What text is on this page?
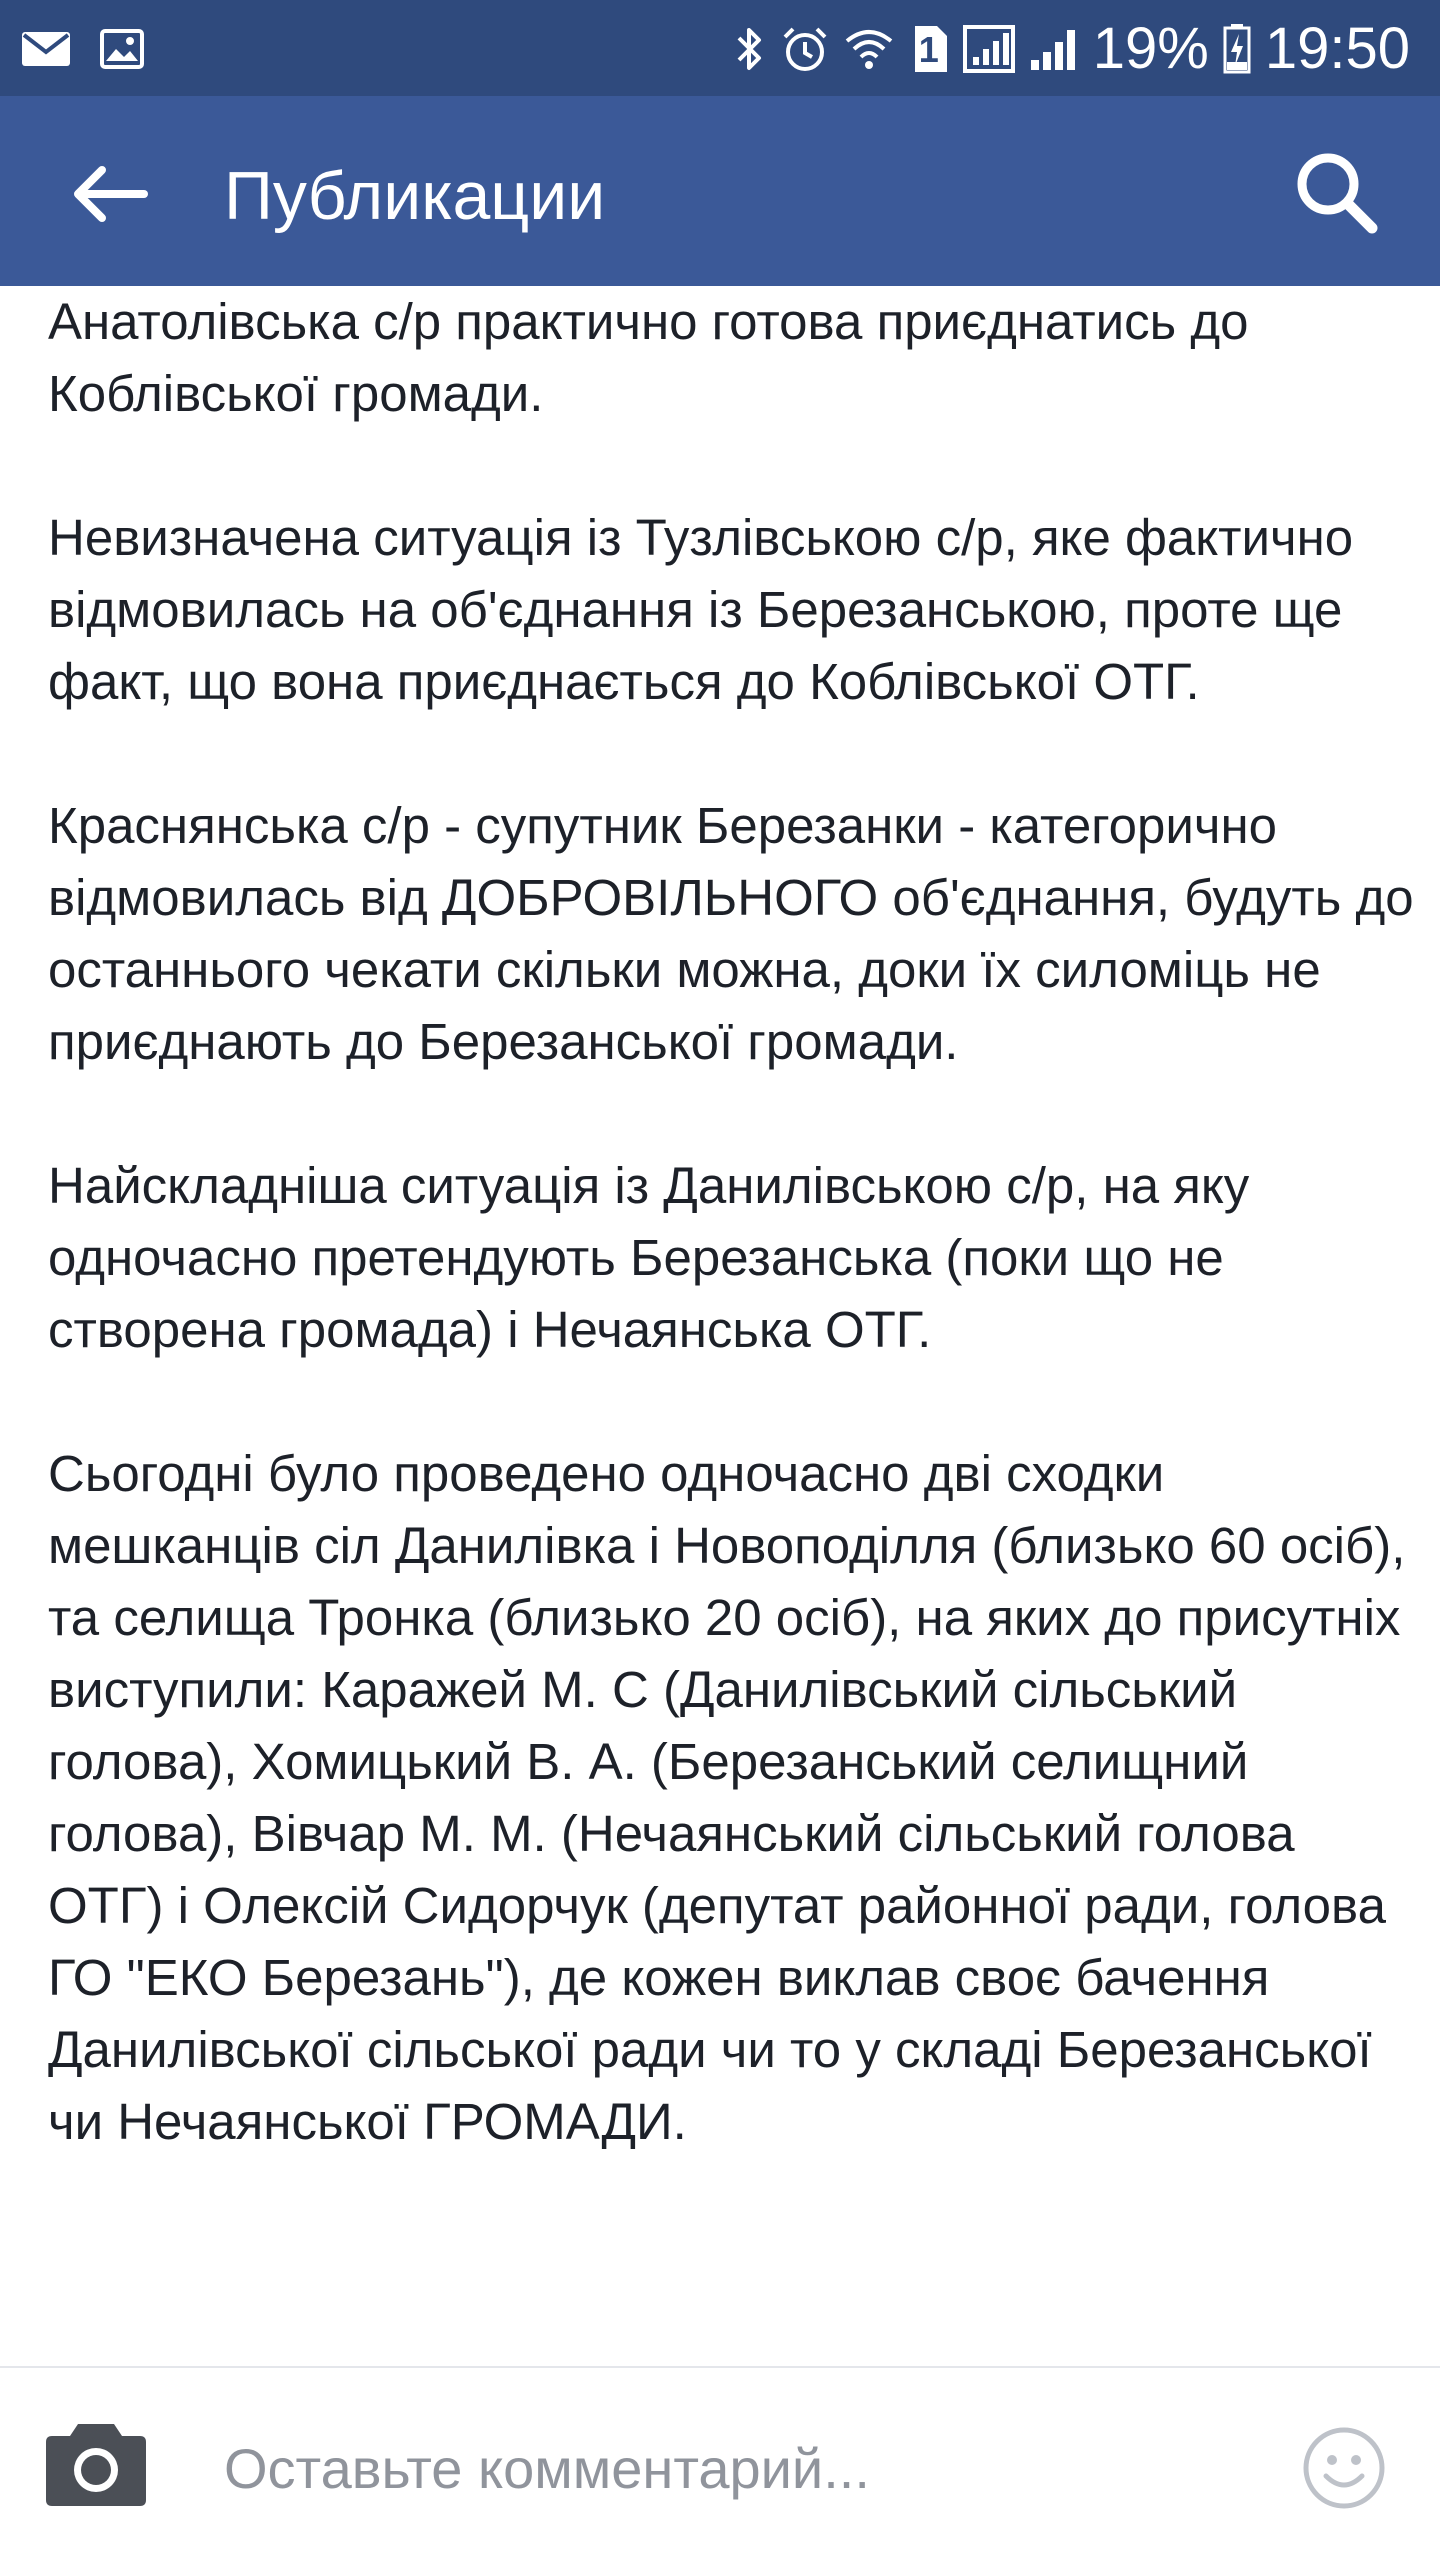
1	19% 19:50
Публикации

Анатолівська с/р практично готова приєднатись до Коблівської громади.

Невизначена ситуація із Тузлівською с/р, яке фактично відмовилась на об'єднання із Березанською, проте ще факт, що вона приєднається до Коблівської ОТГ.

Краснянська с/р - супутник Березанки - категорично відмовилась від ДОБРОВІЛЬНОГО об'єднання, будуть до останнього чекати скільки можна, доки їх силоміць не приєднають до Березанської громади.

Найскладніша ситуація із Данилівською с/р, на яку одночасно претендують Березанська (поки що не створена громада) і Нечаянська ОТГ.

Сьогодні було проведено одночасно дві сходки мешканців сіл Данилівка і Новоподілля (близько 60 осіб), та селища Тронка (близько 20 осіб), на яких до присутніх виступили: Каражей М. С (Данилівський сільський голова), Хомицький В. А. (Березанський селищний голова), Вівчар М. М. (Нечаянський сільський голова ОТГ) і Олексій Сидорчук (депутат районної ради, голова ГО "ЕКО Березань"), де кожен виклав своє бачення Данилівської сільської ради чи то у складі Березанської чи Нечаянської ГРОМАДИ.

Оставьте комментарий...
